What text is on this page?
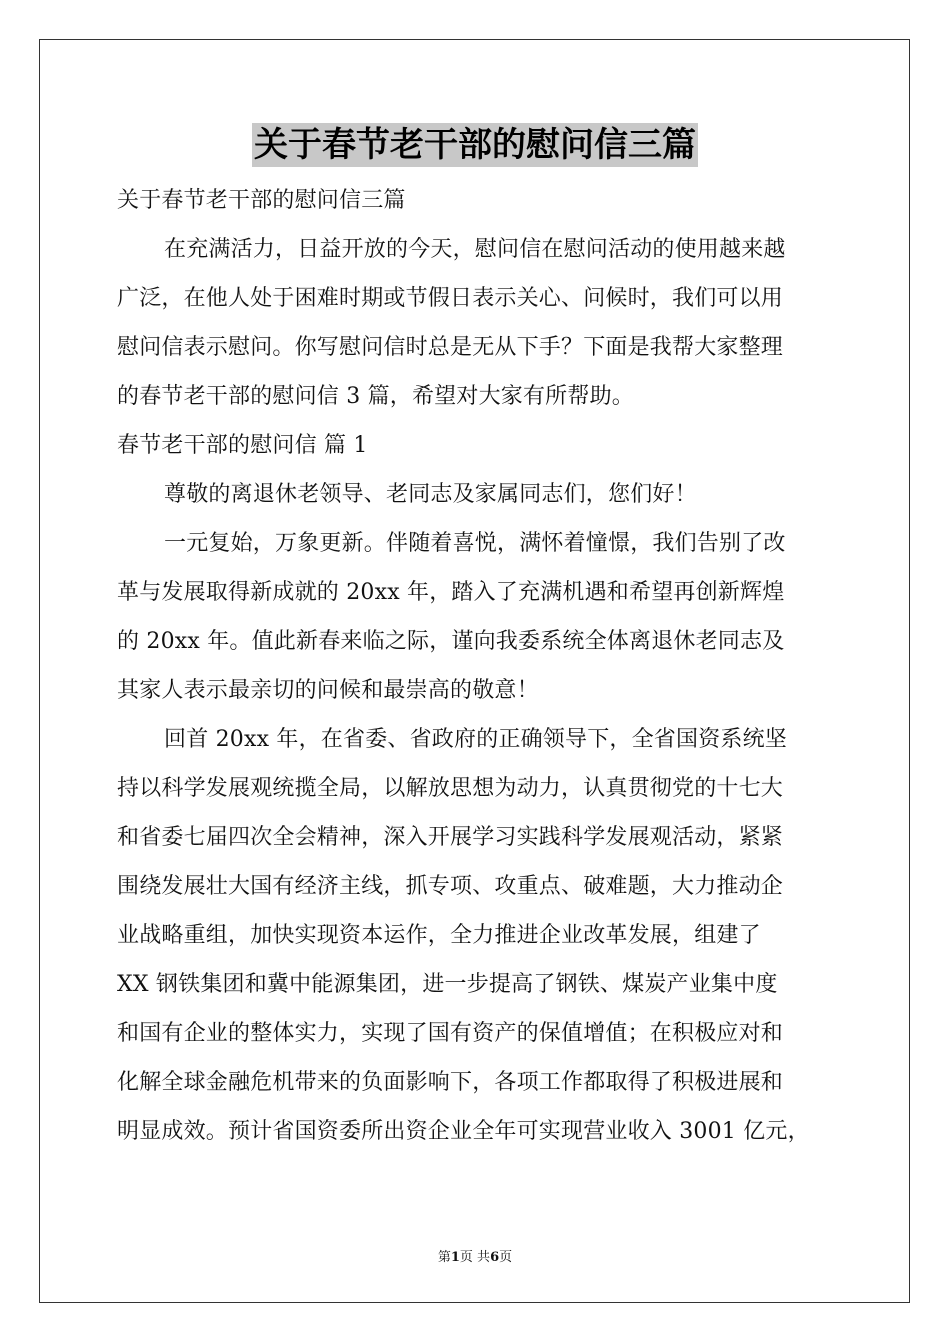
关于春节老干部的慰问信三篇
关于春节老干部的慰问信三篇
在充满活力，日益开放的今天，慰问信在慰问活动的使用越来越
广泛，在他人处于困难时期或节假日表示关心、问候时，我们可以用
慰问信表示慰问。你写慰问信时总是无从下手？下面是我帮大家整理
的春节老干部的慰问信 3 篇，希望对大家有所帮助。
春节老干部的慰问信 篇 1
尊敬的离退休老领导、老同志及家属同志们，您们好！
一元复始，万象更新。伴随着喜悦，满怀着憧憬，我们告别了改
革与发展取得新成就的 20xx 年，踏入了充满机遇和希望再创新辉煌
的 20xx 年。值此新春来临之际，谨向我委系统全体离退休老同志及
其家人表示最亲切的问候和最崇高的敬意！
回首 20xx 年，在省委、省政府的正确领导下，全省国资系统坚
持以科学发展观统揽全局，以解放思想为动力，认真贯彻党的十七大
和省委七届四次全会精神，深入开展学习实践科学发展观活动，紧紧
围绕发展壮大国有经济主线，抓专项、攻重点、破难题，大力推动企
业战略重组，加快实现资本运作，全力推进企业改革发展，组建了
XX 钢铁集团和冀中能源集团，进一步提高了钢铁、煤炭产业集中度
和国有企业的整体实力，实现了国有资产的保值增值；在积极应对和
化解全球金融危机带来的负面影响下，各项工作都取得了积极进展和
明显成效。预计省国资委所出资企业全年可实现营业收入 3001 亿元，
第1页 共6页
